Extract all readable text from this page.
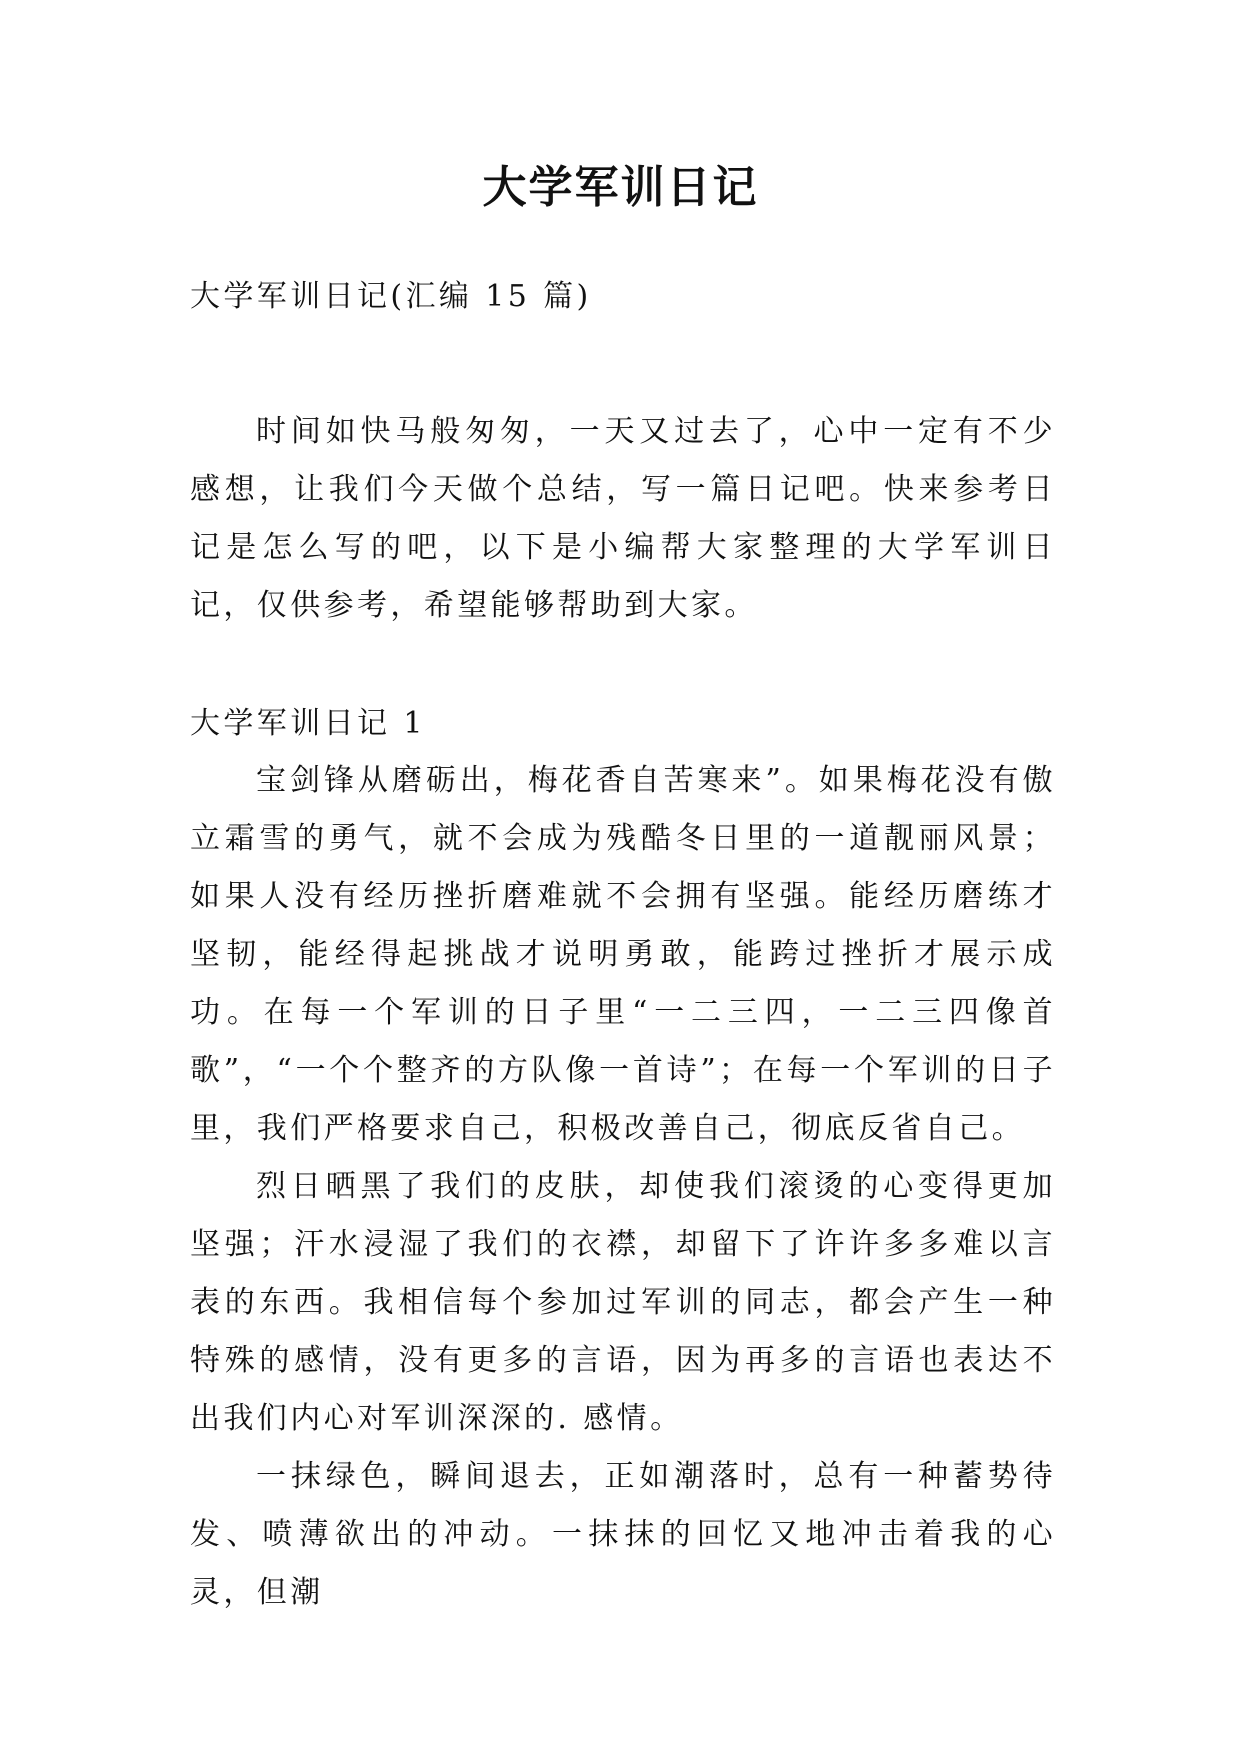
大学军训日记

大学军训日记(汇编 15 篇)

时间如快马般匆匆，一天又过去了，心中一定有不少感想，让我们今天做个总结，写一篇日记吧。快来参考日记是怎么写的吧，以下是小编帮大家整理的大学军训日记，仅供参考，希望能够帮助到大家。

大学军训日记 1

宝剑锋从磨砺出，梅花香自苦寒来”。如果梅花没有傲立霜雪的勇气，就不会成为残酷冬日里的一道靓丽风景；如果人没有经历挫折磨难就不会拥有坚强。能经历磨练才坚韧，能经得起挑战才说明勇敢，能跨过挫折才展示成功。在每一个军训的日子里“一二三四，一二三四像首歌”，“一个个整齐的方队像一首诗”；在每一个军训的日子里，我们严格要求自己，积极改善自己，彻底反省自己。

烈日晒黑了我们的皮肤，却使我们滚烫的心变得更加坚强；汗水浸湿了我们的衣襟，却留下了许许多多难以言表的东西。我相信每个参加过军训的同志，都会产生一种特殊的感情，没有更多的言语，因为再多的言语也表达不出我们内心对军训深深的. 感情。

一抹绿色，瞬间退去，正如潮落时，总有一种蓄势待发、喷薄欲出的冲动。一抹抹的回忆又地冲击着我的心灵，但潮
